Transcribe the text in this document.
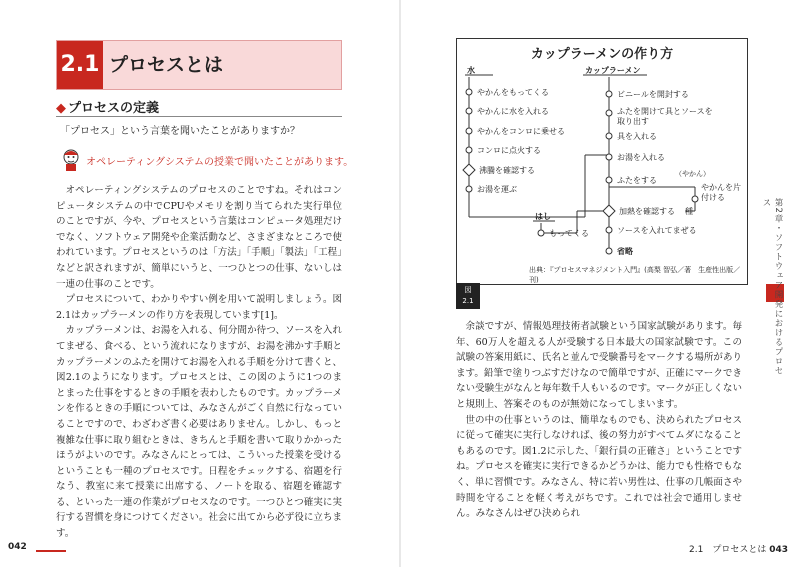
2.1 プロセスとは
◆ プロセスの定義
「プロセス」という言葉を聞いたことがありますか？
オペレーティングシステムの授業で聞いたことがあります。

オペレーティングシステムのプロセスのことですね。それはコンピュータシステムの中でCPUやメモリを割り当てられた実行単位のことですが、今や、プロセスという言葉はコンピュータ処理だけでなく、ソフトウェア開発や企業活動など、さまざまなところで使われています。プロセスというのは「方法」「手順」「製法」「工程」などと訳されますが、簡単にいうと、一つひとつの仕事、ないしは一連の仕事のことです。

プロセスについて、わかりやすい例を用いて説明しましょう。図2.1はカップラーメンの作り方を表現しています[1]。

カップラーメンは、お湯を入れる、何分間か待つ、ソースを入れてまぜる、食べる、という流れになりますが、お湯を沸かす手順とカップラーメンのふたを開けてお湯を入れる手順を分けて書くと、図2.1のようになります。プロセスとは、この図のように1つのまとまった仕事をするときの手順を表わしたものです。カップラーメンを作るときの手順については、みなさんがごく自然に行なっていることですので、わざわざ書く必要はありません。しかし、もっと複雑な仕事に取り組むときは、きちんと手順を書いて取りかかったほうがよいのです。みなさんにとっては、こういった授業を受けるということも一種のプロセスです。日程をチェックする、宿題を行なう、教室に来て授業に出席する、ノートを取る、宿題を確認する、といった一連の作業がプロセスなのです。一つひとつ確実に実行する習慣を身につけてください。社会に出てから必ず役に立ちます。

042
カップラーメンの作り方
水	カップラーメン
はし
（やかん）
やかんをもってくる
やかんに水を入れる
やかんをコンロに乗せる
コンロに点火する
沸騰を確認する
お湯を運ぶ
ビニールを開封する
ふたを開けて具とソースを取り出す
具を入れる
お湯を入れる
ふたをする
加熱を確認する
ソースを入れてまぜる
省略
もってくる
やかんを片付ける
種
出典：『プロセスマネジメント入門』(高梨 智弘／著　生産性出版／刊)
図
2.1

余談ですが、情報処理技術者試験という国家試験があります。毎年、60万人を超える人が受験する日本最大の国家試験です。この試験の答案用紙に、氏名と並んで受験番号をマークする場所があります。鉛筆で塗りつぶすだけなので簡単ですが、正確にマークできない受験生がなんと毎年数千人もいるのです。マークが正しくないと規則上、答案そのものが無効になってしまいます。

世の中の仕事というのは、簡単なものでも、決められたプロセスに従って確実に実行しなければ、後の努力がすべてムダになることもあるのです。図1.2に示した、「銀行員の正確さ」ということですね。プロセスを確実に実行できるかどうかは、能力でも性格でもなく、単に習慣です。みなさん、特に若い男性は、仕事の几帳面さや時間を守ることを軽く考えがちです。これでは社会で通用しません。みなさんはぜひ決められ

2.1　プロセスとは 043
第2章・ソフトウェア開発におけるプロセス
